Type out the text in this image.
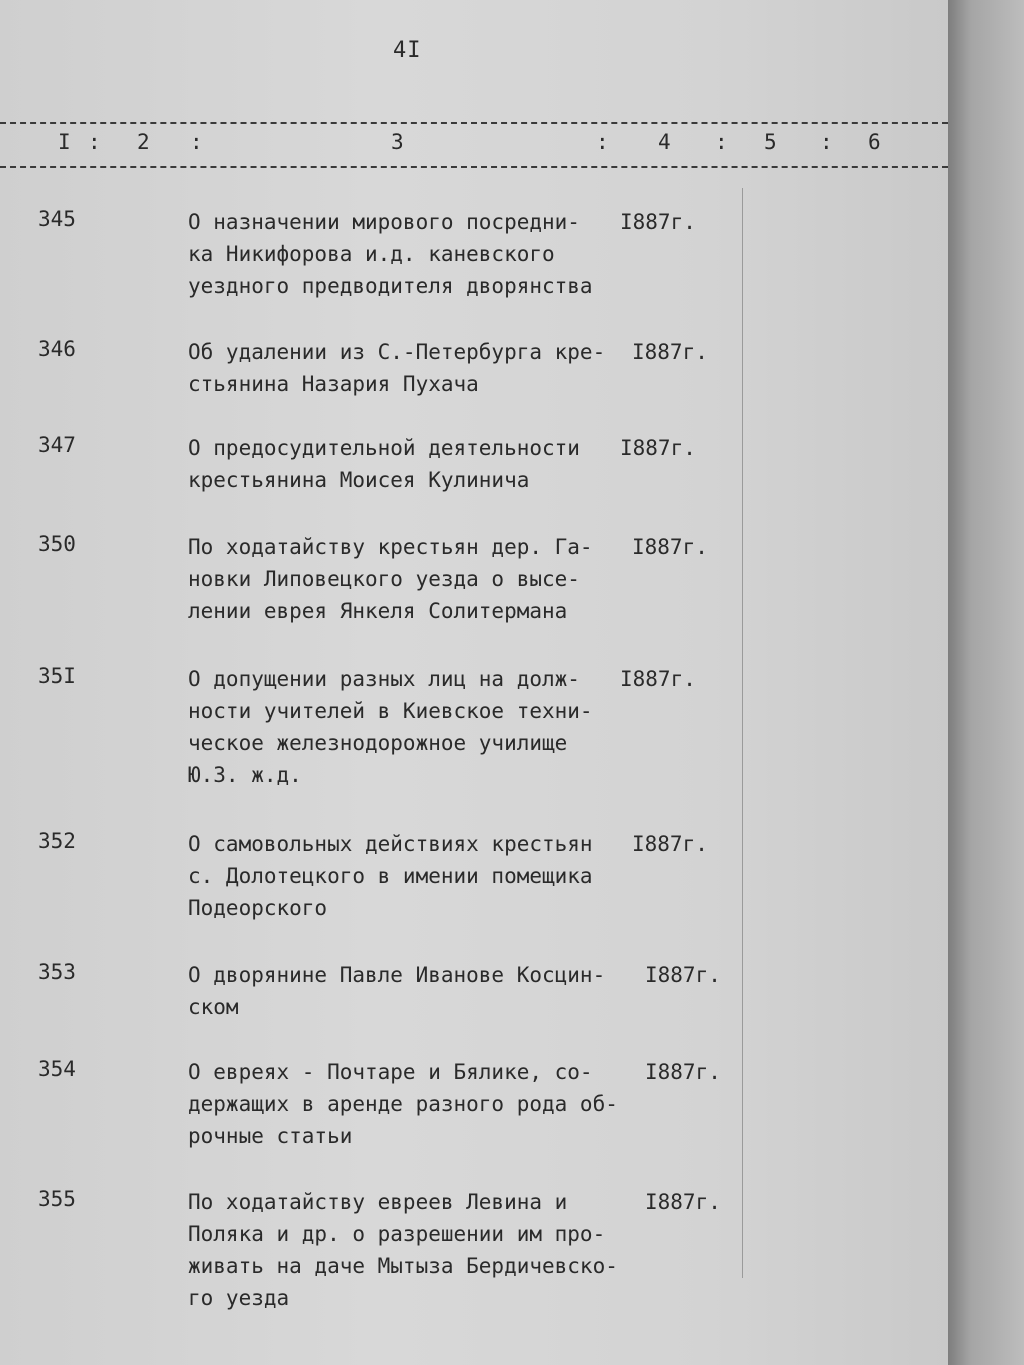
4I
I : 2 :	3	: 4 : 5 : 6
345	О назначении мирового посредни-
ка Никифорова и.д. каневского
уездного предводителя дворянства
I887г.
346	Об удалении из С.-Петербурга кре-
стьянина Назария Пухача
I887г.
347	О предосудительной деятельности
крестьянина Моисея Кулинича
I887г.
350	По ходатайству крестьян дер. Га-
новки Липовецкого уезда о высе-
лении еврея Янкеля Солитермана
I887г.
35I	О допущении разных лиц на долж-
ности учителей в Киевское техни-
ческое железнодорожное училище
Ю.З. ж.д.
I887г.
352	О самовольных действиях крестьян
с. Долотецкого в имении помещика
Подеорского
I887г.
353	О дворянине Павле Иванове Косцин-
ском
I887г.
354	О евреях - Почтаре и Бялике, со-
держащих в аренде разного рода об-
рочные статьи
I887г.
355	По ходатайству евреев Левина и
Поляка и др. о разрешении им про-
живать на даче Мытыза Бердичевско-
го уезда
I887г.
